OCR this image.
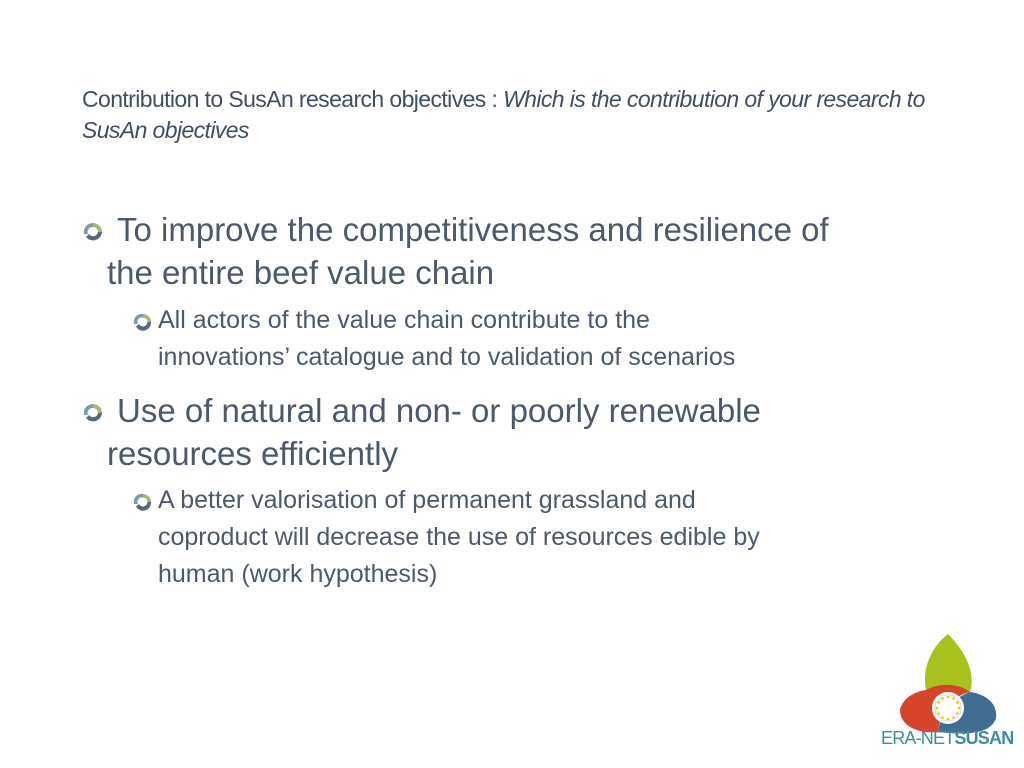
Contribution to SusAn research objectives : Which is the contribution of your research to SusAn objectives
To improve the competitiveness and resilience of
the entire beef value chain
All actors of the value chain contribute to the
innovations’ catalogue and to validation of scenarios
Use of natural and non- or poorly renewable
resources efficiently
A better valorisation of permanent grassland and
coproduct will decrease the use of resources edible by
human (work hypothesis)
ERA-NETSUSAN
